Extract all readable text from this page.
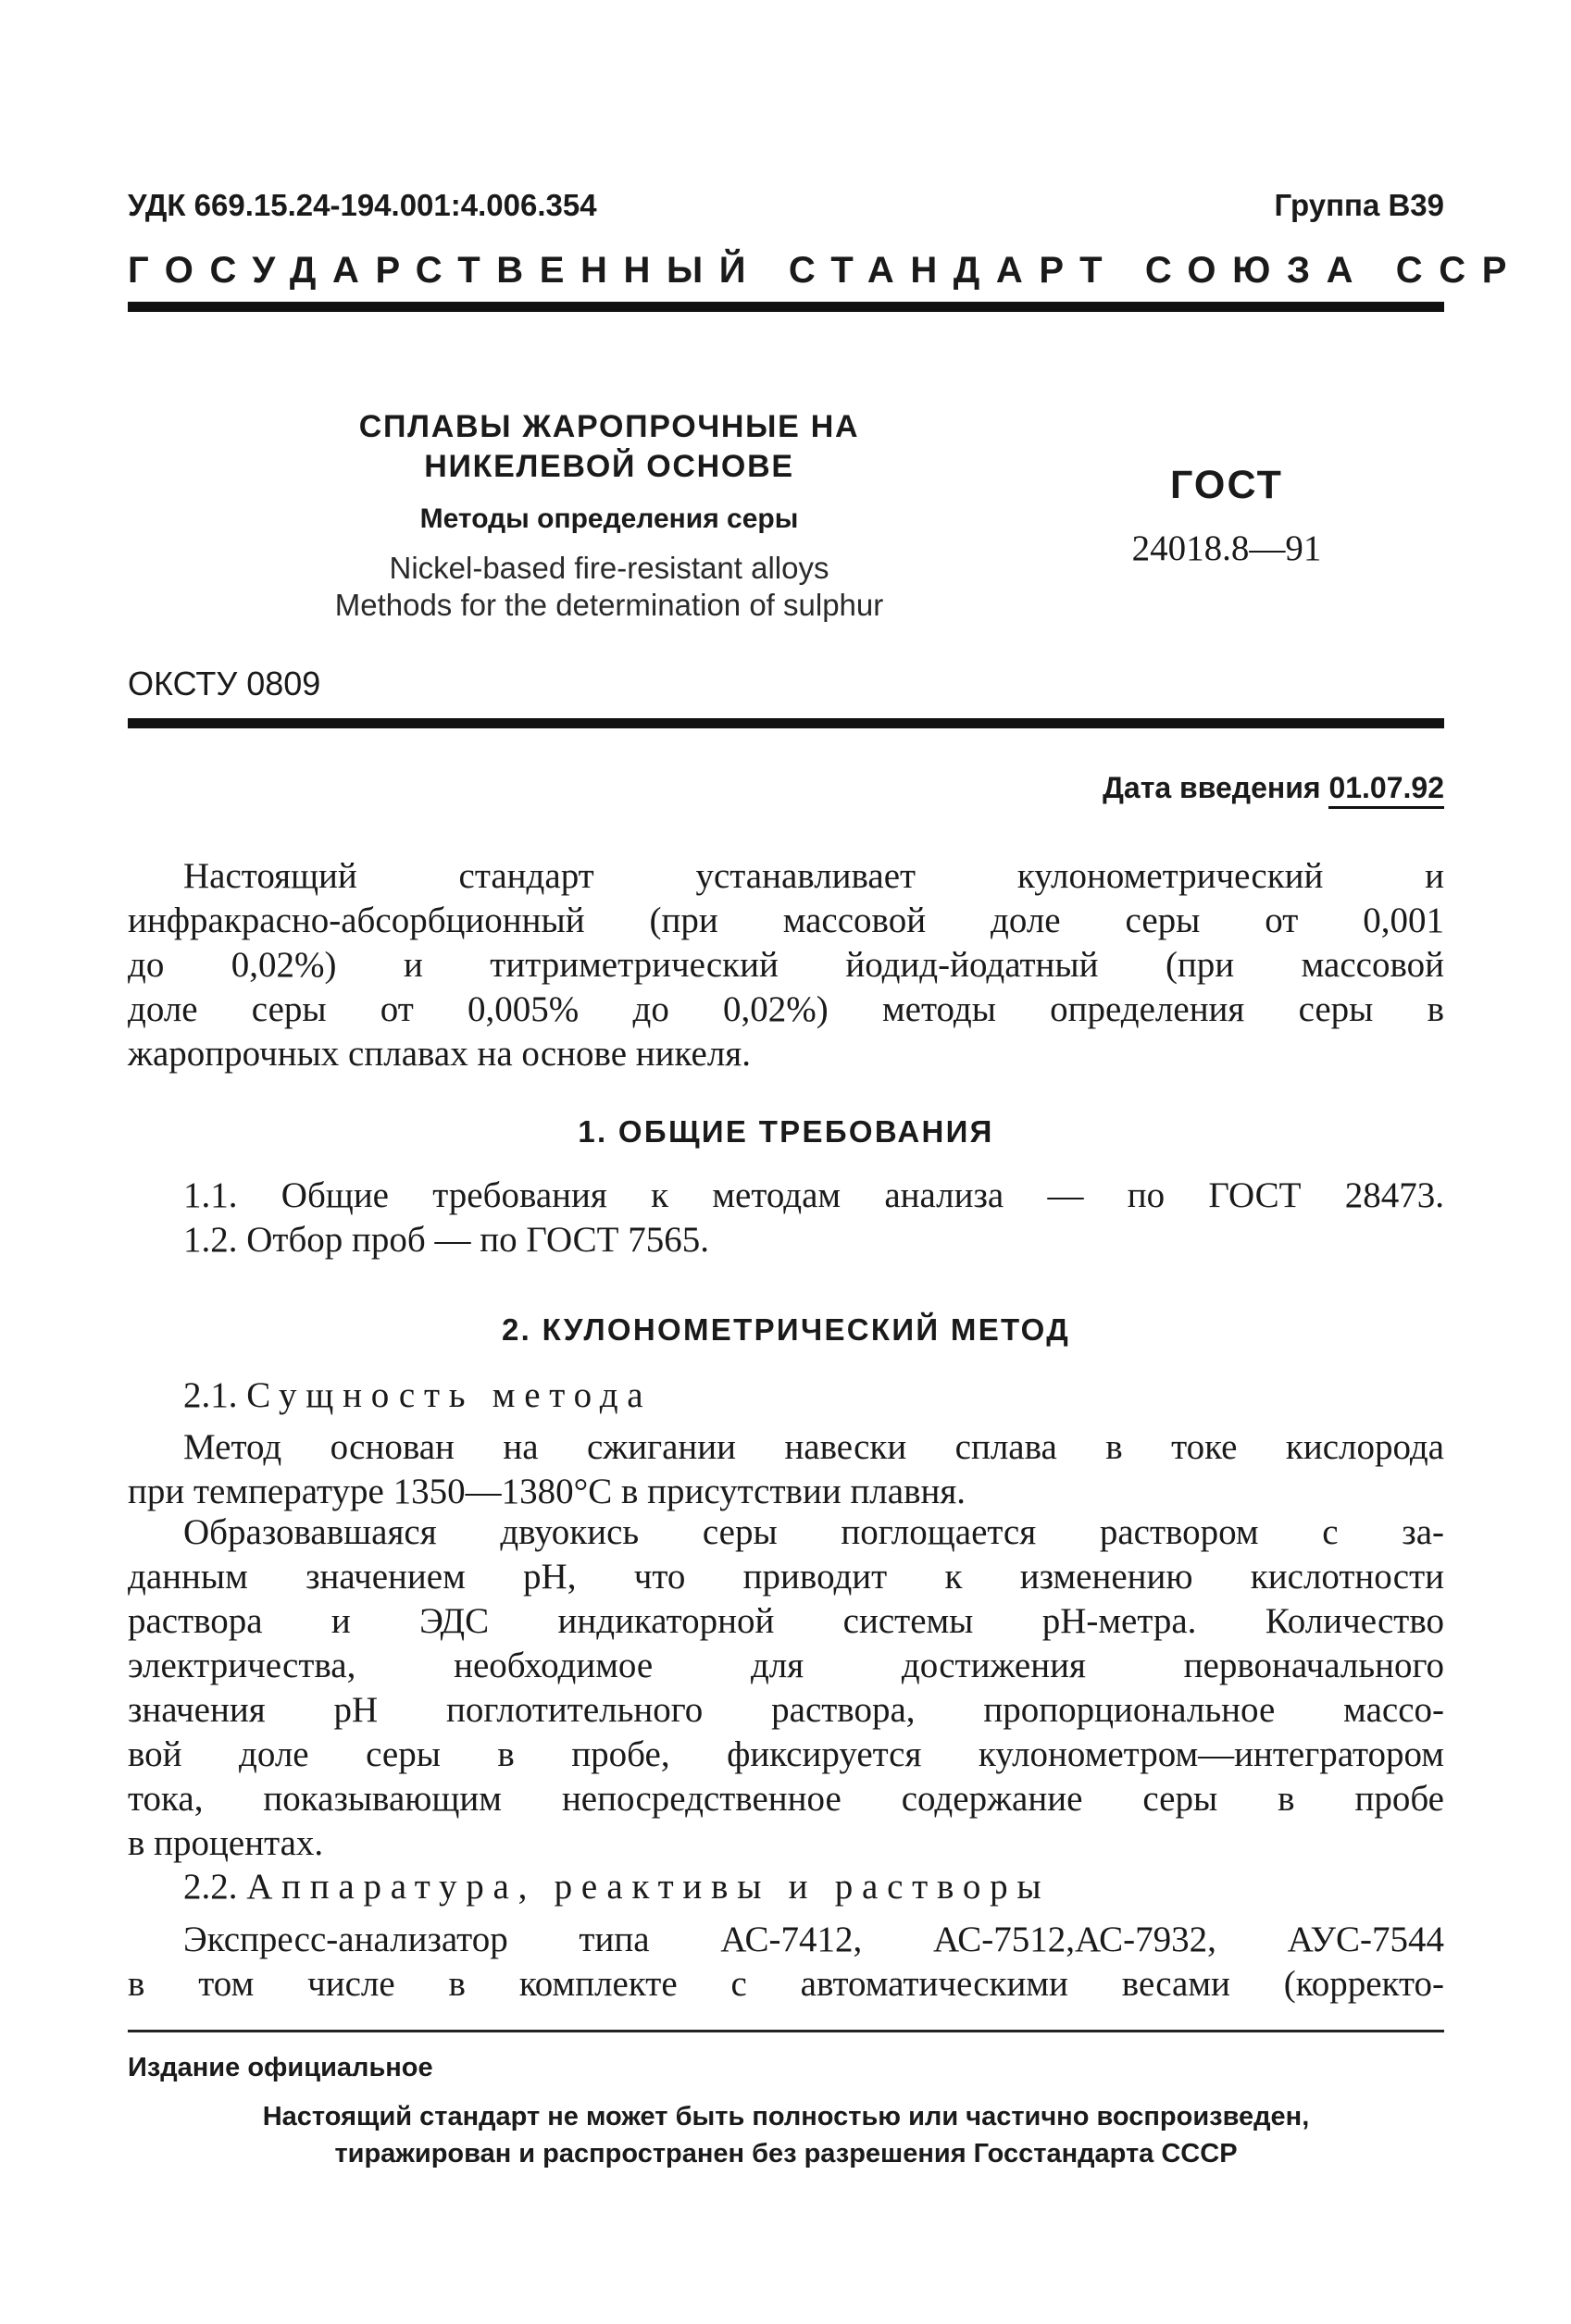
УДК 669.15.24-194.001:4.006.354	Группа В39
ГОСУДАРСТВЕННЫЙ СТАНДАРТ СОЮЗА ССР
СПЛАВЫ ЖАРОПРОЧНЫЕ НА
НИКЕЛЕВОЙ ОСНОВЕ
Методы определения серы
Nickel-based fire-resistant alloys
Methods for the determination of sulphur
ГОСТ
24018.8—91
ОКСТУ 0809
Дата введения 01.07.92
Настоящий стандарт устанавливает кулонометрический и
инфракрасно-абсорбционный (при массовой доле серы от 0,001
до 0,02%) и титриметрический йодид-йодатный (при массовой
доле серы от 0,005% до 0,02%) методы определения серы в
жаропрочных сплавах на основе никеля.
1. ОБЩИЕ ТРЕБОВАНИЯ
1.1. Общие требования к методам анализа — по ГОСТ 28473.
1.2. Отбор проб — по ГОСТ 7565.
2. КУЛОНОМЕТРИЧЕСКИЙ МЕТОД
2.1. Сущность метода
Метод основан на сжигании навески сплава в токе кислорода
при температуре 1350—1380°С в присутствии плавня.
Образовавшаяся двуокись серы поглощается раствором с за-
данным значением рН, что приводит к изменению кислотности
раствора и ЭДС индикаторной системы рН-метра. Количество
электричества, необходимое для достижения первоначального
значения рН поглотительного раствора, пропорциональное массо-
вой доле серы в пробе, фиксируется кулонометром—интегратором
тока, показывающим непосредственное содержание серы в пробе
в процентах.
2.2. Аппаратура, реактивы и растворы
Экспресс-анализатор типа АС-7412, АС-7512,АС-7932, АУС-7544
в том числе в комплекте с автоматическими весами (корректо-
Издание официальное
Настоящий стандарт не может быть полностью или частично воспроизведен,
тиражирован и распространен без разрешения Госстандарта СССР
